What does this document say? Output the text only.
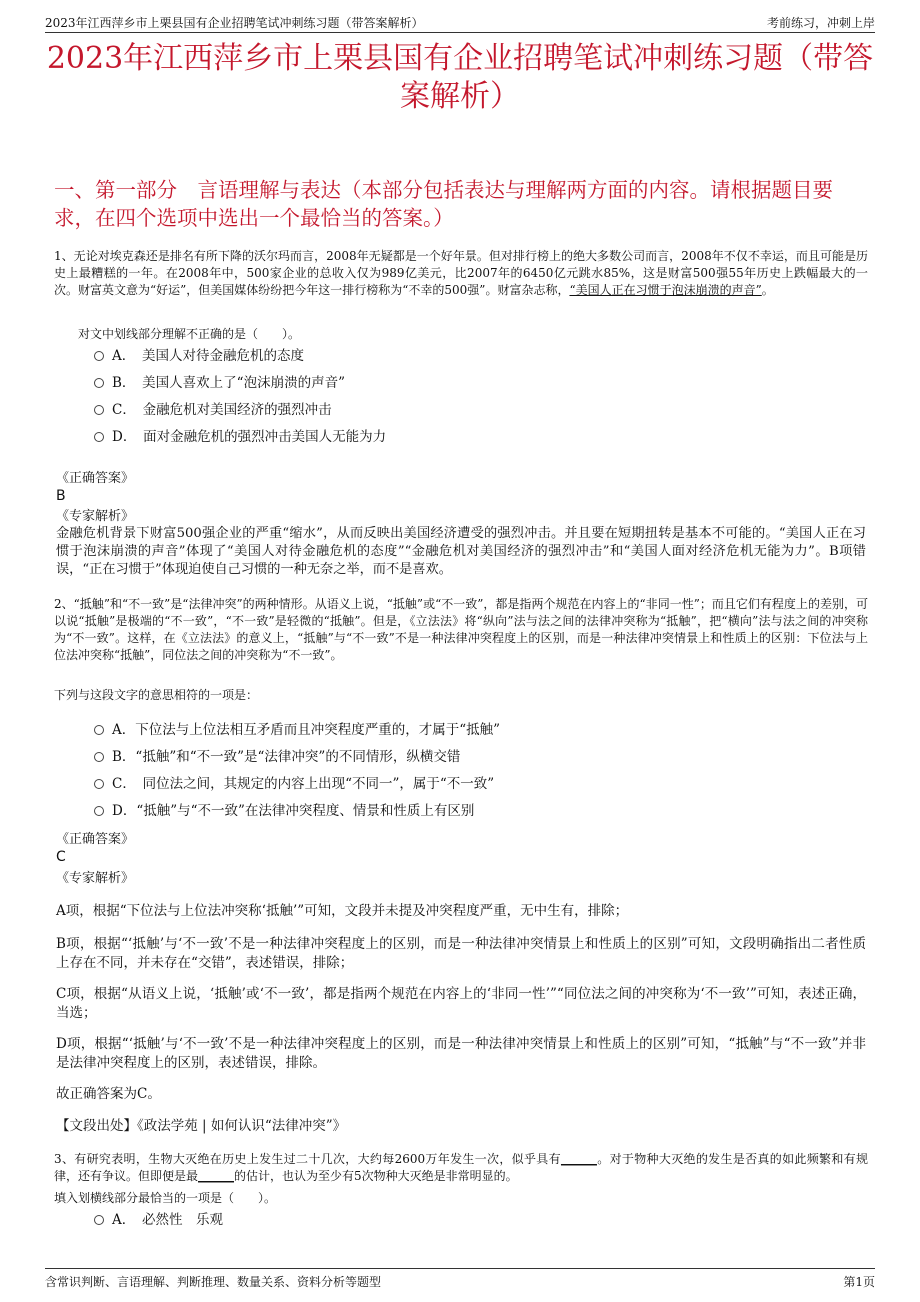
2023年江西萍乡市上栗县国有企业招聘笔试冲刺练习题（带答案解析）	考前练习，冲刺上岸
2023年江西萍乡市上栗县国有企业招聘笔试冲刺练习题（带答案解析）
一、第一部分　言语理解与表达（本部分包括表达与理解两方面的内容。请根据题目要求，在四个选项中选出一个最恰当的答案。）
1、无论对埃克森还是排名有所下降的沃尔玛而言，2008年无疑都是一个好年景。但对排行榜上的绝大多数公司而言，2008年不仅不幸运，而且可能是历史上最糟糕的一年。在2008年中，500家企业的总收入仅为989亿美元，比2007年的6450亿元跳水85%，这是财富500强55年历史上跌幅最大的一次。财富英文意为“好运”，但美国媒体纷纷把今年这一排行榜称为“不幸的500强”。财富杂志称，“美国人正在习惯于泡沫崩溃的声音”。
对文中划线部分理解不正确的是（　　）。
A．　美国人对待金融危机的态度
B．　美国人喜欢上了“泡沫崩溃的声音”
C．　金融危机对美国经济的强烈冲击
D．　面对金融危机的强烈冲击美国人无能为力
《正确答案》
B
《专家解析》
金融危机背景下财富500强企业的严重“缩水”，从而反映出美国经济遭受的强烈冲击。并且要在短期扭转是基本不可能的。“美国人正在习惯于泡沫崩溃的声音”体现了“美国人对待金融危机的态度”“金融危机对美国经济的强烈冲击”和“美国人面对经济危机无能为力”。B项错误，“正在习惯于”体现迫使自己习惯的一种无奈之举，而不是喜欢。
2、“抵触”和“不一致”是“法律冲突”的两种情形。从语义上说，“抵触”或“不一致”，都是指两个规范在内容上的“非同一性”；而且它们有程度上的差别，可以说“抵触”是极端的“不一致”，“不一致”是轻微的“抵触”。但是，《立法法》将“纵向”法与法之间的法律冲突称为“抵触”，把“横向”法与法之间的冲突称为“不一致”。这样，在《立法法》的意义上，“抵触”与“不一致”不是一种法律冲突程度上的区别，而是一种法律冲突情景上和性质上的区别：下位法与上位法冲突称“抵触”，同位法之间的冲突称为“不一致”。
下列与这段文字的意思相符的一项是：
A．下位法与上位法相互矛盾而且冲突程度严重的，才属于“抵触”
B．“抵触”和“不一致”是“法律冲突”的不同情形，纵横交错
C．　同位法之间，其规定的内容上出现“不同一”，属于“不一致”
D．“抵触”与“不一致”在法律冲突程度、情景和性质上有区别
《正确答案》
C
《专家解析》
A项，根据“下位法与上位法冲突称‘抵触’”可知，文段并未提及冲突程度严重，无中生有，排除；
B项，根据“‘抵触’与‘不一致’不是一种法律冲突程度上的区别，而是一种法律冲突情景上和性质上的区别”可知，文段明确指出二者性质上存在不同，并未存在“交错”，表述错误，排除；
C项，根据“从语义上说，‘抵触’或‘不一致’，都是指两个规范在内容上的‘非同一性’”“同位法之间的冲突称为‘不一致’”可知，表述正确，当选；
D项，根据“‘抵触’与‘不一致’不是一种法律冲突程度上的区别，而是一种法律冲突情景上和性质上的区别”可知，“抵触”与“不一致”并非是法律冲突程度上的区别，表述错误，排除。
故正确答案为C。
【文段出处】《政法学苑 | 如何认识“法律冲突”》
3、有研究表明，生物大灭绝在历史上发生过二十几次，大约每2600万年发生一次，似乎具有______。对于物种大灭绝的发生是否真的如此频繁和有规律，还有争议。但即便是最______的估计，也认为至少有5次物种大灭绝是非常明显的。
填入划横线部分最恰当的一项是（　　）。
A．　必然性　乐观
含常识判断、言语理解、判断推理、数量关系、资料分析等题型	第1页
